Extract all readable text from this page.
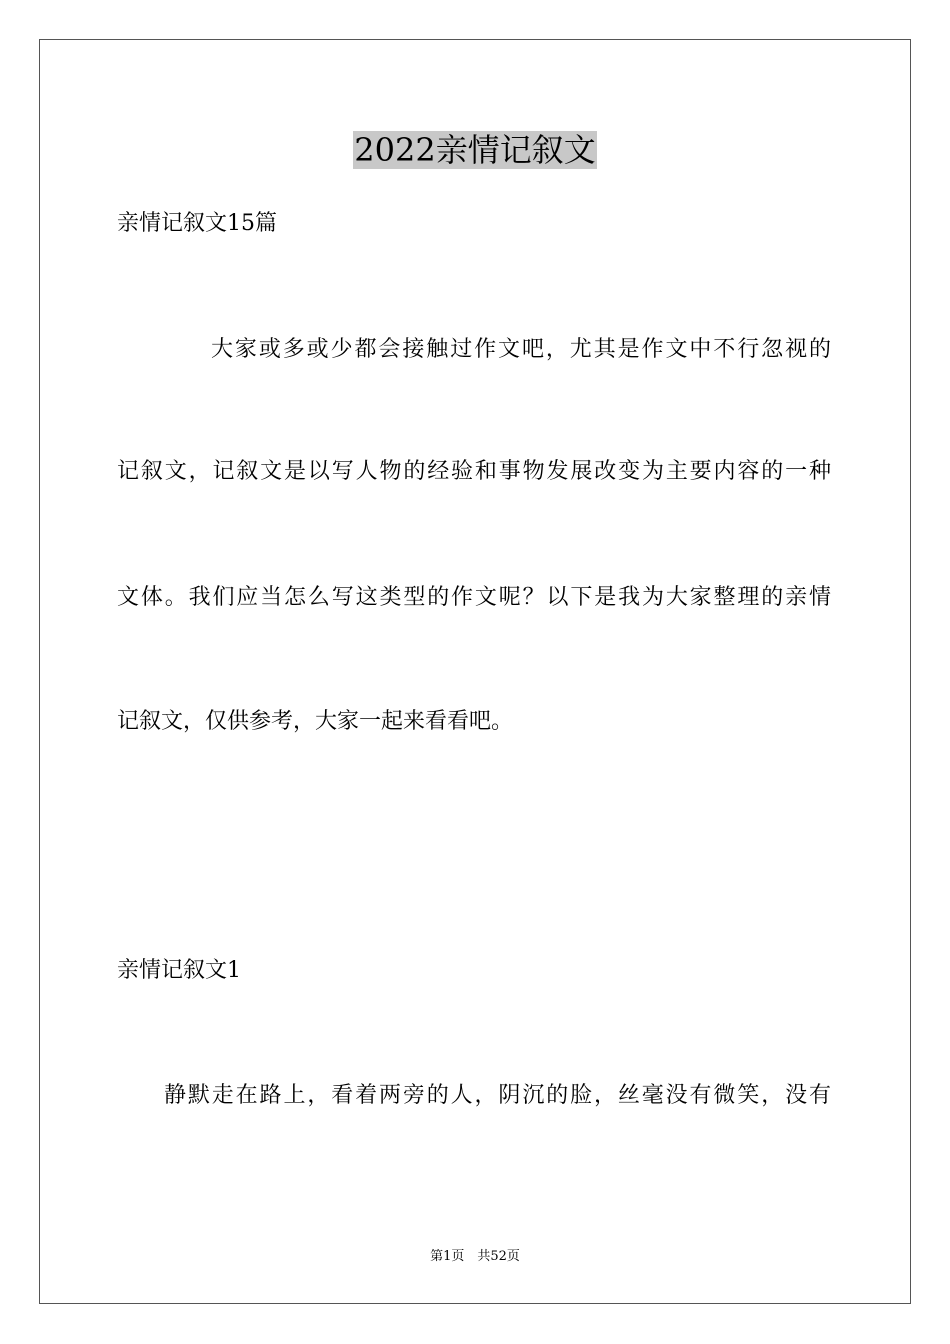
2022亲情记叙文
亲情记叙文15篇
大家或多或少都会接触过作文吧，尤其是作文中不行忽视的
记叙文，记叙文是以写人物的经验和事物发展改变为主要内容的一种
文体。我们应当怎么写这类型的作文呢？以下是我为大家整理的亲情
记叙文，仅供参考，大家一起来看看吧。
亲情记叙文1
静默走在路上，看着两旁的人，阴沉的脸，丝毫没有微笑，没有
第1页　共52页
